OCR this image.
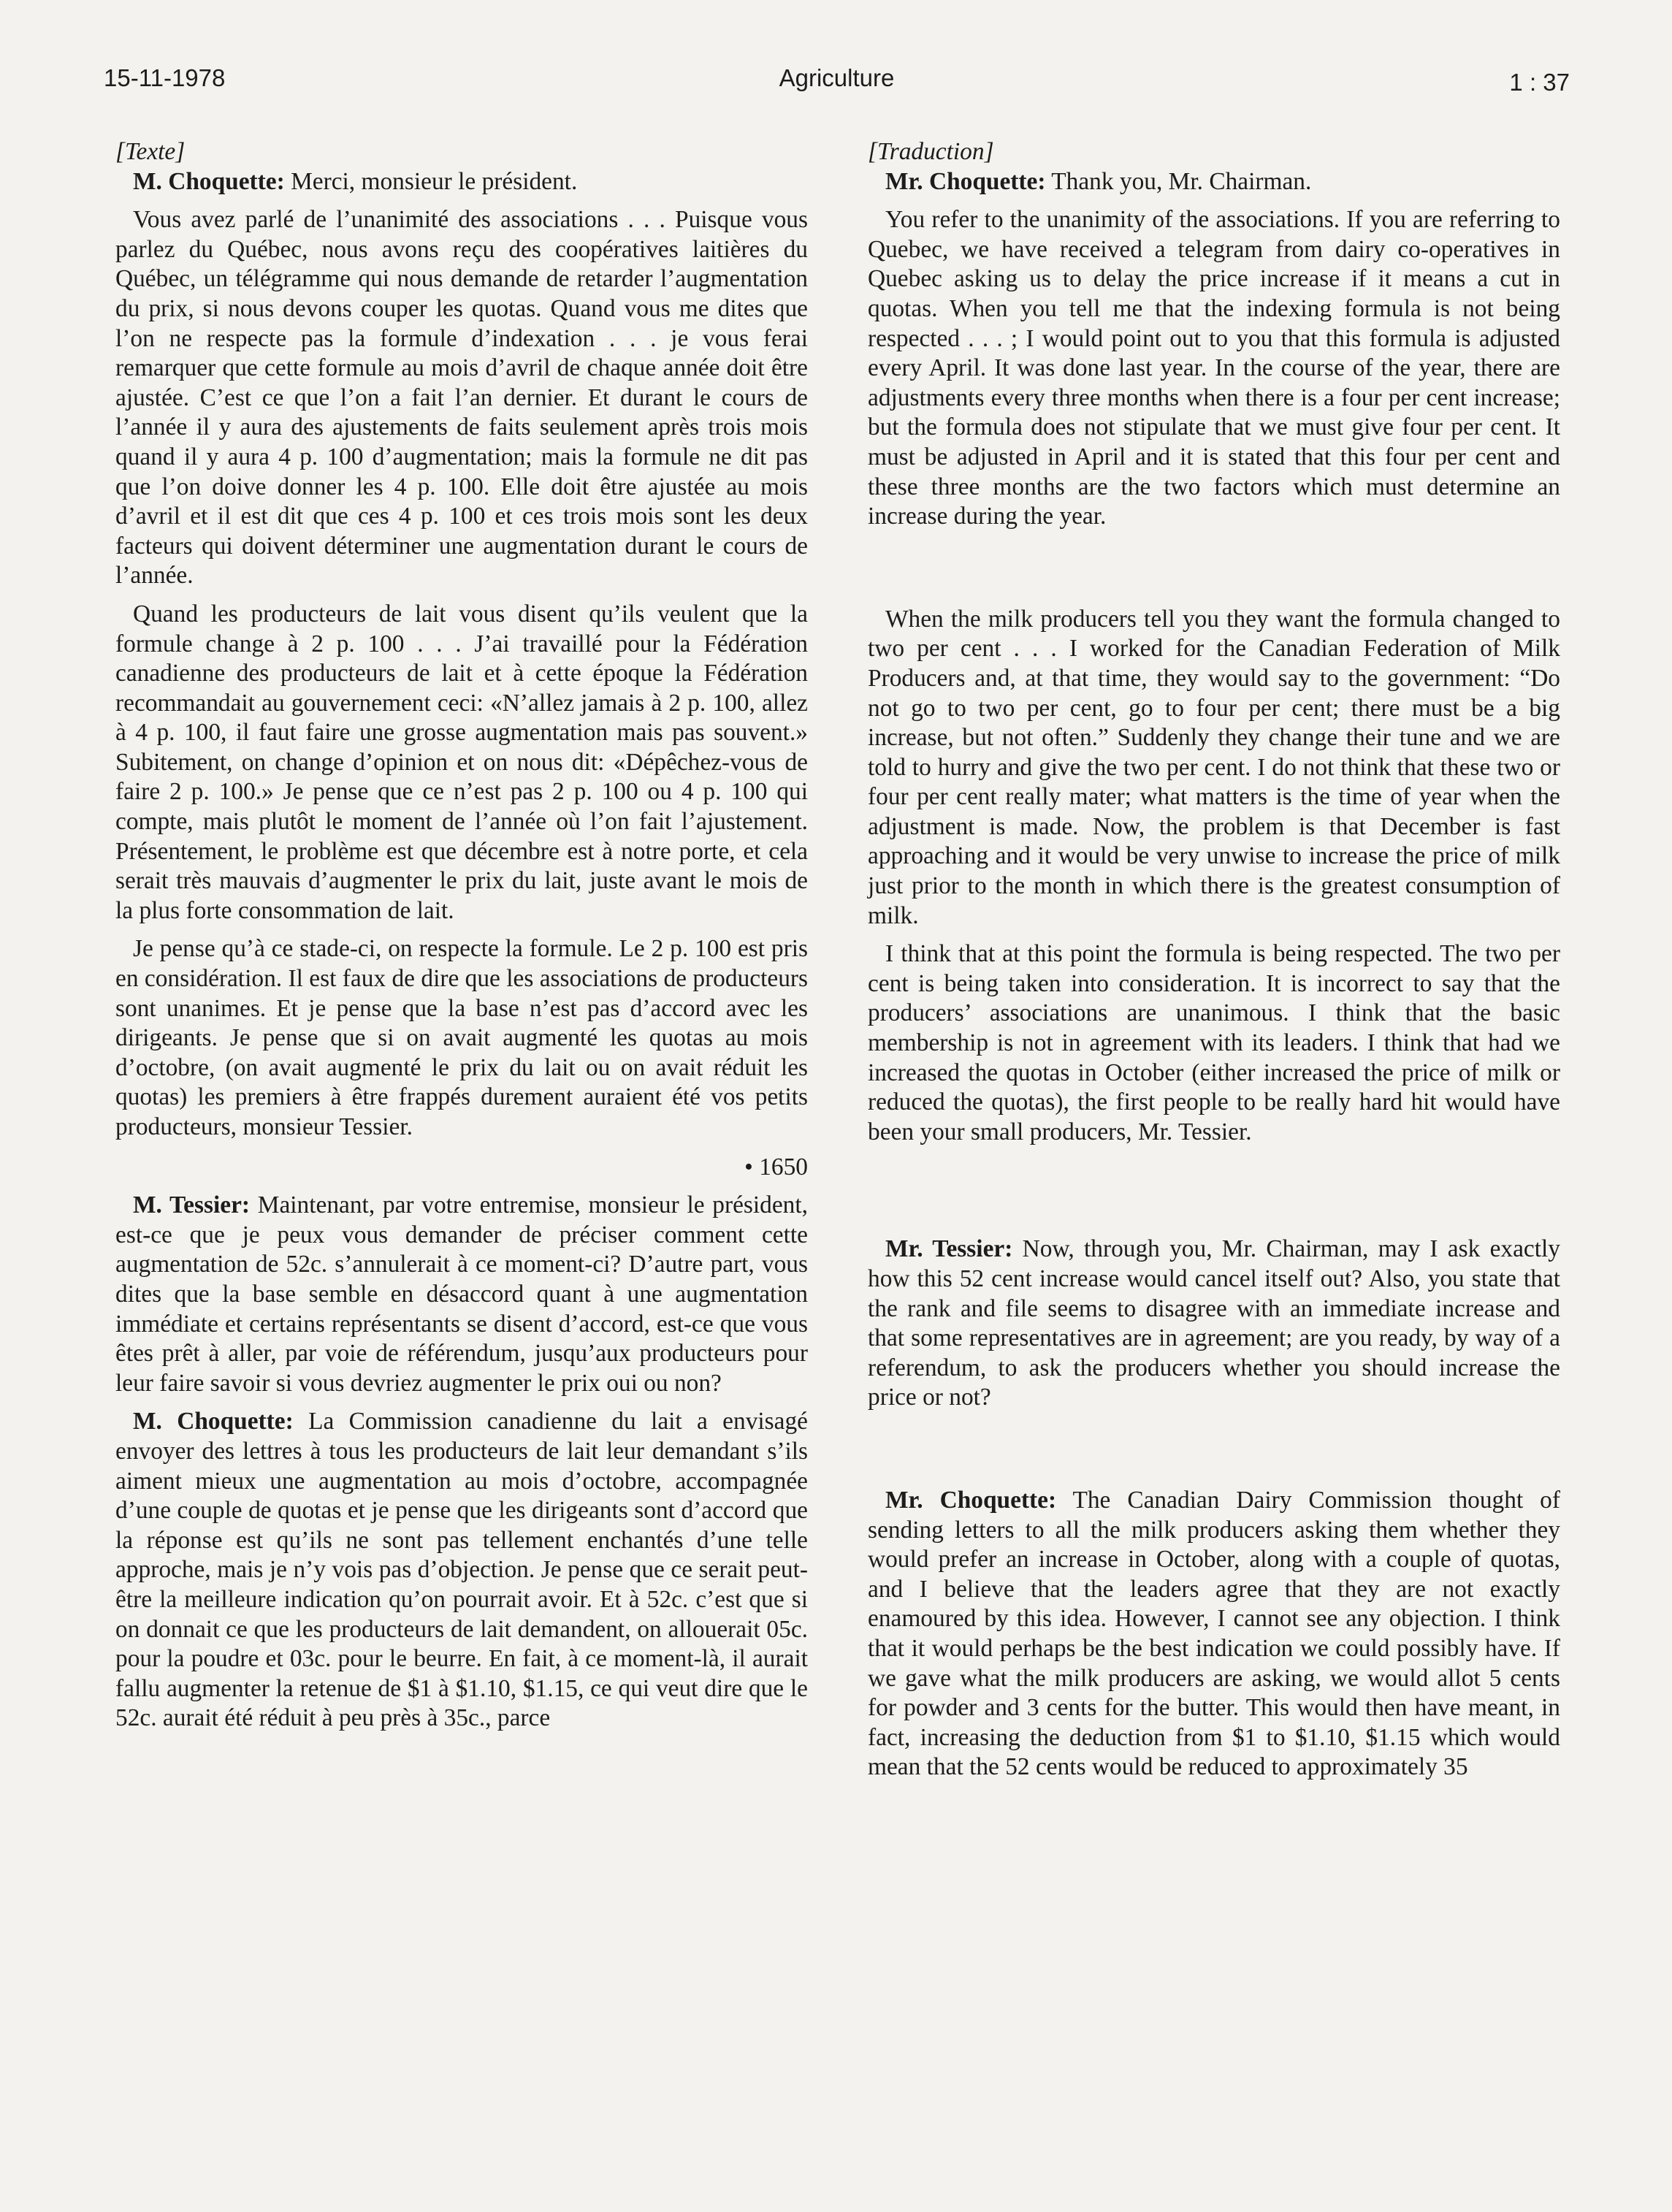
15-11-1978	Agriculture	1 : 37

[Texte]

M. Choquette: Merci, monsieur le président.

Vous avez parlé de l’unanimité des associations . . . Puisque vous parlez du Québec, nous avons reçu des coopératives laitières du Québec, un télégramme qui nous demande de retarder l’augmentation du prix, si nous devons couper les quotas. Quand vous me dites que l’on ne respecte pas la formule d’indexation . . . je vous ferai remarquer que cette formule au mois d’avril de chaque année doit être ajustée. C’est ce que l’on a fait l’an dernier. Et durant le cours de l’année il y aura des ajustements de faits seulement après trois mois quand il y aura 4 p. 100 d’augmentation; mais la formule ne dit pas que l’on doive donner les 4 p. 100. Elle doit être ajustée au mois d’avril et il est dit que ces 4 p. 100 et ces trois mois sont les deux facteurs qui doivent déterminer une augmentation durant le cours de l’année.

Quand les producteurs de lait vous disent qu’ils veulent que la formule change à 2 p. 100 . . . J’ai travaillé pour la Fédération canadienne des producteurs de lait et à cette époque la Fédération recommandait au gouvernement ceci: «N’allez jamais à 2 p. 100, allez à 4 p. 100, il faut faire une grosse augmentation mais pas souvent.» Subitement, on change d’opinion et on nous dit: «Dépêchez-vous de faire 2 p. 100.» Je pense que ce n’est pas 2 p. 100 ou 4 p. 100 qui compte, mais plutôt le moment de l’année où l’on fait l’ajustement. Présentement, le problème est que décembre est à notre porte, et cela serait très mauvais d’augmenter le prix du lait, juste avant le mois de la plus forte consommation de lait.

Je pense qu’à ce stade-ci, on respecte la formule. Le 2 p. 100 est pris en considération. Il est faux de dire que les associations de producteurs sont unanimes. Et je pense que la base n’est pas d’accord avec les dirigeants. Je pense que si on avait augmenté les quotas au mois d’octobre, (on avait augmenté le prix du lait ou on avait réduit les quotas) les premiers à être frappés durement auraient été vos petits producteurs, monsieur Tessier.

• 1650

M. Tessier: Maintenant, par votre entremise, monsieur le président, est-ce que je peux vous demander de préciser comment cette augmentation de 52c. s’annulerait à ce moment-ci? D’autre part, vous dites que la base semble en désaccord quant à une augmentation immédiate et certains représentants se disent d’accord, est-ce que vous êtes prêt à aller, par voie de référendum, jusqu’aux producteurs pour leur faire savoir si vous devriez augmenter le prix oui ou non?

M. Choquette: La Commission canadienne du lait a envisagé envoyer des lettres à tous les producteurs de lait leur demandant s’ils aiment mieux une augmentation au mois d’octobre, accompagnée d’une couple de quotas et je pense que les dirigeants sont d’accord que la réponse est qu’ils ne sont pas tellement enchantés d’une telle approche, mais je n’y vois pas d’objection. Je pense que ce serait peut-être la meilleure indication qu’on pourrait avoir. Et à 52c. c’est que si on donnait ce que les producteurs de lait demandent, on allouerait 05c. pour la poudre et 03c. pour le beurre. En fait, à ce moment-là, il aurait fallu augmenter la retenue de $1 à $1.10, $1.15, ce qui veut dire que le 52c. aurait été réduit à peu près à 35c., parce

[Traduction]

Mr. Choquette: Thank you, Mr. Chairman.

You refer to the unanimity of the associations. If you are referring to Quebec, we have received a telegram from dairy co-operatives in Quebec asking us to delay the price increase if it means a cut in quotas. When you tell me that the indexing formula is not being respected . . . ; I would point out to you that this formula is adjusted every April. It was done last year. In the course of the year, there are adjustments every three months when there is a four per cent increase; but the formula does not stipulate that we must give four per cent. It must be adjusted in April and it is stated that this four per cent and these three months are the two factors which must determine an increase during the year.

When the milk producers tell you they want the formula changed to two per cent . . . I worked for the Canadian Federation of Milk Producers and, at that time, they would say to the government: “Do not go to two per cent, go to four per cent; there must be a big increase, but not often.” Suddenly they change their tune and we are told to hurry and give the two per cent. I do not think that these two or four per cent really mater; what matters is the time of year when the adjustment is made. Now, the problem is that December is fast approaching and it would be very unwise to increase the price of milk just prior to the month in which there is the greatest consumption of milk.

I think that at this point the formula is being respected. The two per cent is being taken into consideration. It is incorrect to say that the producers’ associations are unanimous. I think that the basic membership is not in agreement with its leaders. I think that had we increased the quotas in October (either increased the price of milk or reduced the quotas), the first people to be really hard hit would have been your small producers, Mr. Tessier.

Mr. Tessier: Now, through you, Mr. Chairman, may I ask exactly how this 52 cent increase would cancel itself out? Also, you state that the rank and file seems to disagree with an immediate increase and that some representatives are in agreement; are you ready, by way of a referendum, to ask the producers whether you should increase the price or not?

Mr. Choquette: The Canadian Dairy Commission thought of sending letters to all the milk producers asking them whether they would prefer an increase in October, along with a couple of quotas, and I believe that the leaders agree that they are not exactly enamoured by this idea. However, I cannot see any objection. I think that it would perhaps be the best indication we could possibly have. If we gave what the milk producers are asking, we would allot 5 cents for powder and 3 cents for the butter. This would then have meant, in fact, increasing the deduction from $1 to $1.10, $1.15 which would mean that the 52 cents would be reduced to approximately 35
